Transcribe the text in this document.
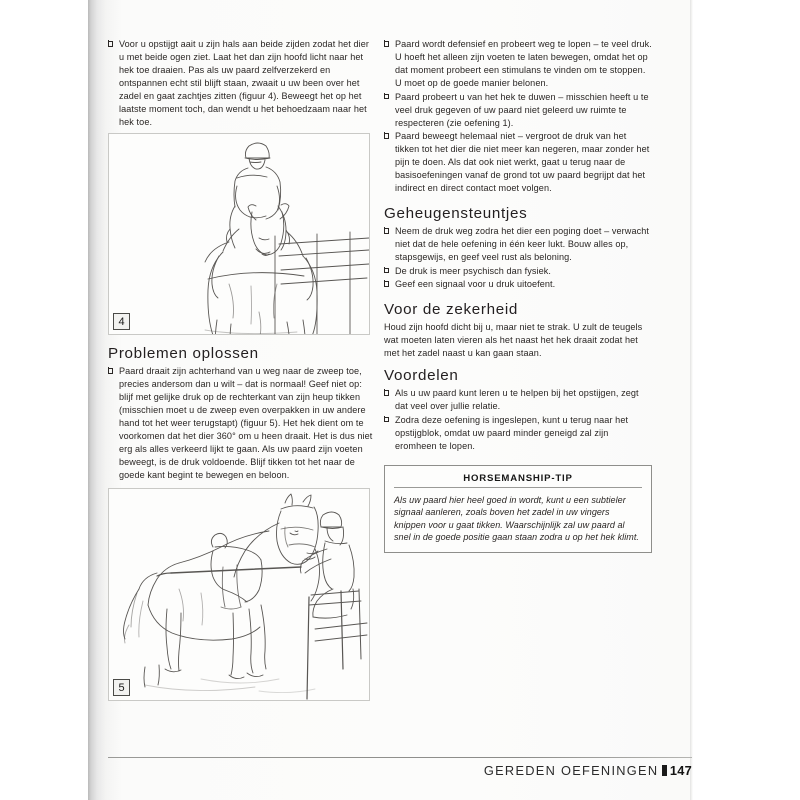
Voor u opstijgt aait u zijn hals aan beide zijden zodat het dier u met beide ogen ziet. Laat het dan zijn hoofd licht naar het hek toe draaien. Pas als uw paard zelfverzekerd en ontspannen echt stil blijft staan, zwaait u uw been over het zadel en gaat zachtjes zitten (figuur 4). Beweegt het op het laatste moment toch, dan wendt u het behoedzaam naar het hek toe.
4
Problemen oplossen
Paard draait zijn achterhand van u weg naar de zweep toe, precies andersom dan u wilt – dat is normaal! Geef niet op: blijf met gelijke druk op de rechterkant van zijn heup tikken (misschien moet u de zweep even overpakken in uw andere hand tot het weer terugstapt) (figuur 5). Het hek dient om te voorkomen dat het dier 360° om u heen draait. Het is dus niet erg als alles verkeerd lijkt te gaan. Als uw paard zijn voeten beweegt, is de druk voldoende. Blijf tikken tot het naar de goede kant begint te bewegen en beloon.
5
Paard wordt defensief en probeert weg te lopen – te veel druk. U hoeft het alleen zijn voeten te laten bewegen, omdat het op dat moment probeert een stimulans te vinden om te stoppen. U moet op de goede manier belonen.
Paard probeert u van het hek te duwen – misschien heeft u te veel druk gegeven of uw paard niet geleerd uw ruimte te respecteren (zie oefening 1).
Paard beweegt helemaal niet – vergroot de druk van het tikken tot het dier die niet meer kan negeren, maar zonder het pijn te doen. Als dat ook niet werkt, gaat u terug naar de basisoefeningen vanaf de grond tot uw paard begrijpt dat het indirect en direct contact moet volgen.
Geheugensteuntjes
Neem de druk weg zodra het dier een poging doet – verwacht niet dat de hele oefening in één keer lukt. Bouw alles op, stapsgewijs, en geef veel rust als beloning.
De druk is meer psychisch dan fysiek.
Geef een signaal voor u druk uitoefent.
Voor de zekerheid

Houd zijn hoofd dicht bij u, maar niet te strak. U zult de teugels wat moeten laten vieren als het naast het hek draait zodat het met het zadel naast u kan gaan staan.

Voordelen
Als u uw paard kunt leren u te helpen bij het opstijgen, zegt dat veel over jullie relatie.
Zodra deze oefening is ingeslepen, kunt u terug naar het opstijgblok, omdat uw paard minder geneigd zal zijn eromheen te lopen.
HORSEMANSHIP-TIP

Als uw paard hier heel goed in wordt, kunt u een subtieler signaal aanleren, zoals boven het zadel in uw vingers knippen voor u gaat tikken. Waarschijnlijk zal uw paard al snel in de goede positie gaan staan zodra u op het hek klimt.

GEREDEN OEFENINGEN 147
